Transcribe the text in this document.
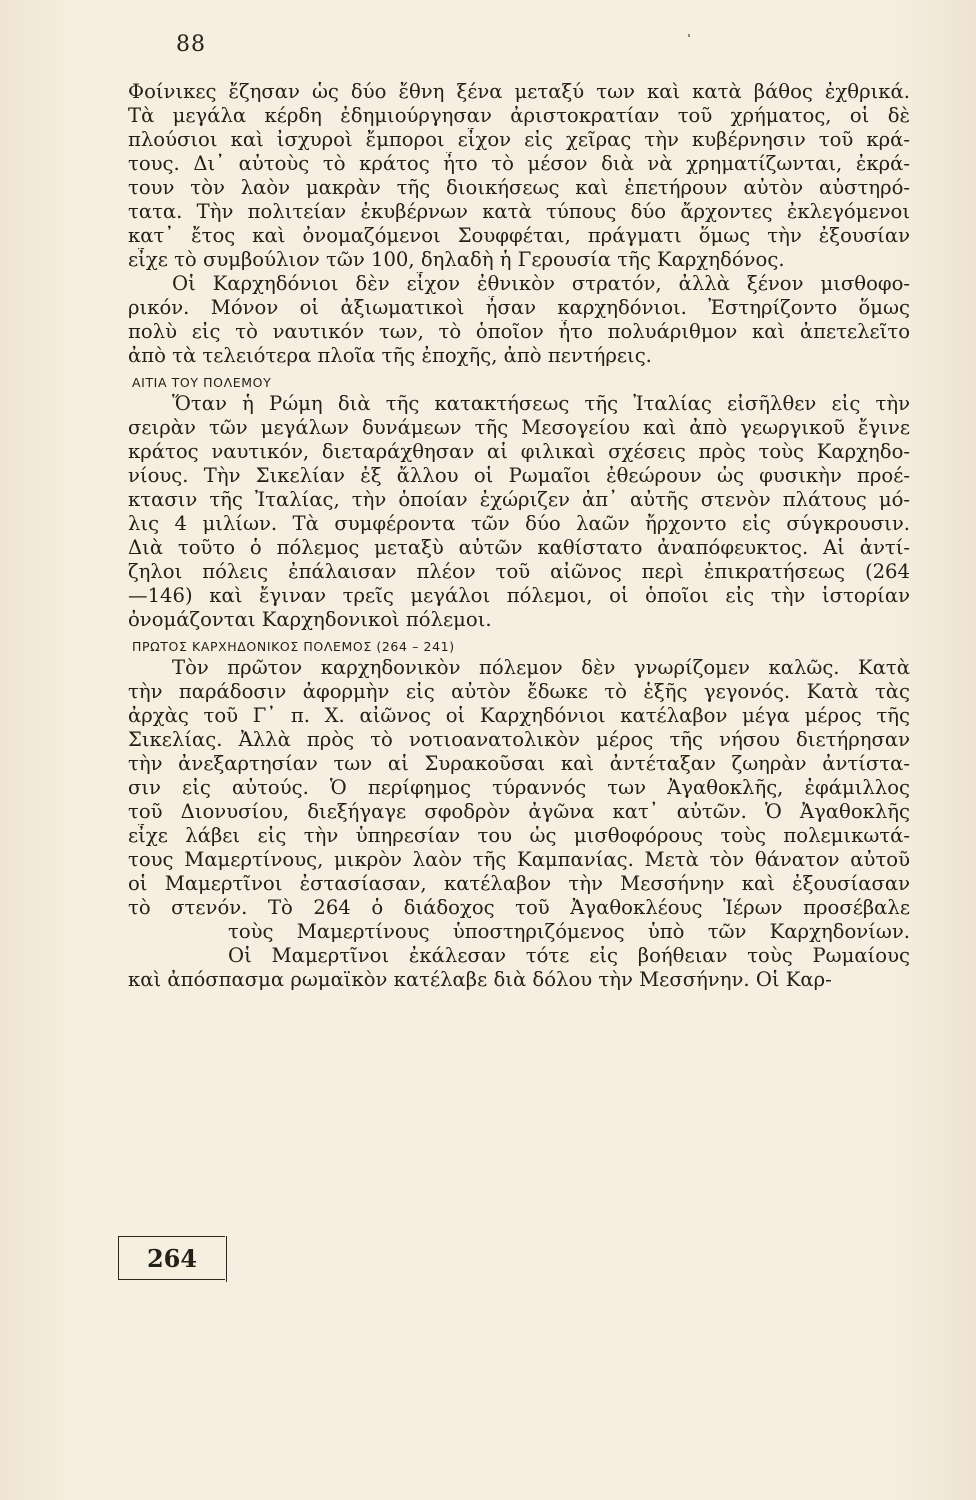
88
Φοίνικες ἔζησαν ὡς δύο ἔθνη ξένα μεταξύ των καὶ κατὰ βάθος ἐχθρικά.
Τὰ μεγάλα κέρδη ἐδημιούργησαν ἀριστοκρατίαν τοῦ χρήματος, οἱ δὲ
πλούσιοι καὶ ἰσχυροὶ ἔμποροι εἶχον εἰς χεῖρας τὴν κυβέρνησιν τοῦ κρά-
τους. Δι᾽ αὐτοὺς τὸ κράτος ἦτο τὸ μέσον διὰ νὰ χρηματίζωνται, ἐκρά-
τουν τὸν λαὸν μακρὰν τῆς διοικήσεως καὶ ἐπετήρουν αὐτὸν αὐστηρό-
τατα. Τὴν πολιτείαν ἐκυβέρνων κατὰ τύπους δύο ἄρχοντες ἐκλεγόμενοι
κατ᾽ ἔτος καὶ ὀνομαζόμενοι Σουφφέται, πράγματι ὅμως τὴν ἐξουσίαν
εἶχε τὸ συμβούλιον τῶν 100, δηλαδὴ ἡ Γερουσία τῆς Καρχηδόνος.
Οἱ Καρχηδόνιοι δὲν εἶχον ἐθνικὸν στρατόν, ἀλλὰ ξένον μισθοφο-
ρικόν. Μόνον οἱ ἀξιωματικοὶ ἦσαν καρχηδόνιοι. Ἐστηρίζοντο ὅμως
πολὺ εἰς τὸ ναυτικόν των, τὸ ὁποῖον ἦτο πολυάριθμον καὶ ἀπετελεῖτο
ἀπὸ τὰ τελειότερα πλοῖα τῆς ἐποχῆς, ἀπὸ πεντήρεις.
ΑΙΤΙΑ ΤΟΥ ΠΟΛΕΜΟΥ
Ὅταν ἡ Ρώμη διὰ τῆς κατακτήσεως τῆς Ἰταλίας εἰσῆλθεν εἰς τὴν
σειρὰν τῶν μεγάλων δυνάμεων τῆς Μεσογείου καὶ ἀπὸ γεωργικοῦ ἔγινε
κράτος ναυτικόν, διεταράχθησαν αἱ φιλικαὶ σχέσεις πρὸς τοὺς Καρχηδο-
νίους. Τὴν Σικελίαν ἐξ ἄλλου οἱ Ρωμαῖοι ἐθεώρουν ὡς φυσικὴν προέ-
κτασιν τῆς Ἰταλίας, τὴν ὁποίαν ἐχώριζεν ἀπ᾽ αὐτῆς στενὸν πλάτους μό-
λις 4 μιλίων. Τὰ συμφέροντα τῶν δύο λαῶν ἤρχοντο εἰς σύγκρουσιν.
Διὰ τοῦτο ὁ πόλεμος μεταξὺ αὐτῶν καθίστατο ἀναπόφευκτος. Αἱ ἀντί-
ζηλοι πόλεις ἐπάλαισαν πλέον τοῦ αἰῶνος περὶ ἐπικρατήσεως (264
—146) καὶ ἔγιναν τρεῖς μεγάλοι πόλεμοι, οἱ ὁποῖοι εἰς τὴν ἱστορίαν
ὀνομάζονται Καρχηδονικοὶ πόλεμοι.
ΠΡΩΤΟΣ ΚΑΡΧΗΔΟΝΙΚΟΣ ΠΟΛΕΜΟΣ (264 – 241)
Τὸν πρῶτον καρχηδονικὸν πόλεμον δὲν γνωρίζομεν καλῶς. Κατὰ
τὴν παράδοσιν ἀφορμὴν εἰς αὐτὸν ἔδωκε τὸ ἑξῆς γεγονός. Κατὰ τὰς
ἀρχὰς τοῦ Γ᾽ π. Χ. αἰῶνος οἱ Καρχηδόνιοι κατέλαβον μέγα μέρος τῆς
Σικελίας. Ἀλλὰ πρὸς τὸ νοτιοανατολικὸν μέρος τῆς νήσου διετήρησαν
τὴν ἀνεξαρτησίαν των αἱ Συρακοῦσαι καὶ ἀντέταξαν ζωηρὰν ἀντίστα-
σιν εἰς αὐτούς. Ὁ περίφημος τύραννός των Ἀγαθοκλῆς, ἐφάμιλλος
τοῦ Διονυσίου, διεξήγαγε σφοδρὸν ἀγῶνα κατ᾽ αὐτῶν. Ὁ Ἀγαθοκλῆς
εἶχε λάβει εἰς τὴν ὑπηρεσίαν του ὡς μισθοφόρους τοὺς πολεμικωτά-
τους Μαμερτίνους, μικρὸν λαὸν τῆς Καμπανίας. Μετὰ τὸν θάνατον αὐτοῦ
οἱ Μαμερτῖνοι ἐστασίασαν, κατέλαβον τὴν Μεσσήνην καὶ ἐξουσίασαν
τὸ στενόν. Τὸ 264 ὁ διάδοχος τοῦ Ἀγαθοκλέους Ἱέρων προσέβαλε
τοὺς Μαμερτίνους ὑποστηριζόμενος ὑπὸ τῶν Καρχηδονίων.
Οἱ Μαμερτῖνοι ἐκάλεσαν τότε εἰς βοήθειαν τοὺς Ρωμαίους
καὶ ἀπόσπασμα ρωμαϊκὸν κατέλαβε διὰ δόλου τὴν Μεσσήνην. Οἱ Καρ-
264
